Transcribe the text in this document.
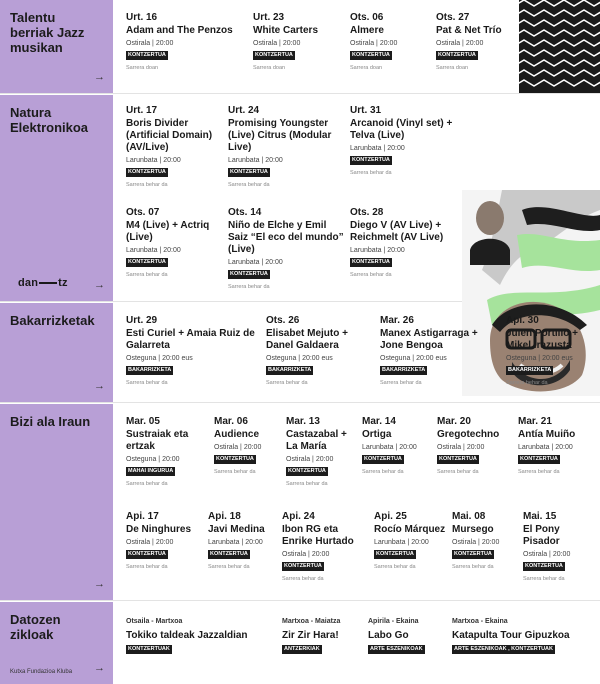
Talentu berriak Jazz musikan
→
Urt. 16
Adam and The Penzos
Ostirala | 20:00
KONTZERTUA
Sarrera doan
Urt. 23
White Carters
Ostirala | 20:00
KONTZERTUA
Sarrera doan
Ots. 06
Almere
Ostirala | 20:00
KONTZERTUA
Sarrera doan
Ots. 27
Pat & Net Trío
Ostirala | 20:00
KONTZERTUA
Sarrera doan
Natura Elektronikoa
dan tz →
Urt. 17
Boris Divider (Artificial Domain) (AV/Live)
Larunbata | 20:00
KONTZERTUA
Sarrera behar da
Urt. 24
Promising Youngster (Live) Citrus (Modular Live)
Larunbata | 20:00
KONTZERTUA
Sarrera behar da
Urt. 31
Arcanoid (Vinyl set) + Telva (Live)
Larunbata | 20:00
KONTZERTUA
Sarrera behar da
Ots. 07
M4 (Live) + Actriq (Live)
Larunbata | 20:00
KONTZERTUA
Sarrera behar da
Ots. 14
Niño de Elche y Emil Saiz “El eco del mundo” (Live)
Larunbata | 20:00
KONTZERTUA
Sarrera behar da
Ots. 28
Diego V (AV Live) + Reichmelt (AV Live)
Larunbata | 20:00
KONTZERTUA
Sarrera behar da
Bakarrizketak
→
Urt. 29
Esti Curiel + Amaia Ruiz de Galarreta
Osteguna | 20:00 eus
BAKARRIZKETA
Sarrera behar da
Ots. 26
Elisabet Mejuto + Danel Galdaera
Osteguna | 20:00 eus
BAKARRIZKETA
Sarrera behar da
Mar. 26
Manex Astigarraga + Jone Bengoa
Osteguna | 20:00 eus
BAKARRIZKETA
Sarrera behar da
Api. 30
Julen Portillo + Mikel Irazusta
Osteguna | 20:00 eus
BAKARRIZKETA
Sarrera behar da
Bizi ala Iraun
→
Mar. 05
Sustraiak eta ertzak
Osteguna | 20:00
MAHAI INGURUA
Sarrera behar da
Mar. 06
Audience
Ostirala | 20:00
KONTZERTUA
Sarrera behar da
Mar. 13
Castazabal + La María
Ostirala | 20:00
KONTZERTUA
Sarrera behar da
Mar. 14
Ortiga
Larunbata | 20:00
KONTZERTUA
Sarrera behar da
Mar. 20
Gregotechno
Ostirala | 20:00
KONTZERTUA
Sarrera behar da
Mar. 21
Antía Muiño
Larunbata | 20:00
KONTZERTUA
Sarrera behar da
Api. 17
De Ninghures
Ostirala | 20:00
KONTZERTUA
Sarrera behar da
Api. 18
Javi Medina
Larunbata | 20:00
KONTZERTUA
Sarrera behar da
Api. 24
Ibon RG eta Enrike Hurtado
Ostirala | 20:00
KONTZERTUA
Sarrera behar da
Api. 25
Rocío Márquez
Larunbata | 20:00
KONTZERTUA
Sarrera behar da
Mai. 08
Mursego
Ostirala | 20:00
KONTZERTUA
Sarrera behar da
Mai. 15
El Pony Pisador
Ostirala | 20:00
KONTZERTUA
Sarrera behar da
Datozen zikloak
Kutxa Fundazioa Kluba	→
Otsaila - Martxoa
Tokiko taldeak Jazzaldian
KONTZERTUAK
Martxoa - Maiatza
Zir Zir Hara!
ANTZERKIAK
Apirila - Ekaina
Labo Go
ARTE ESZENIKOAK
Martxoa - Ekaina
Katapulta Tour Gipuzkoa
ARTE ESZENIKOAK , KONTZERTUAK
